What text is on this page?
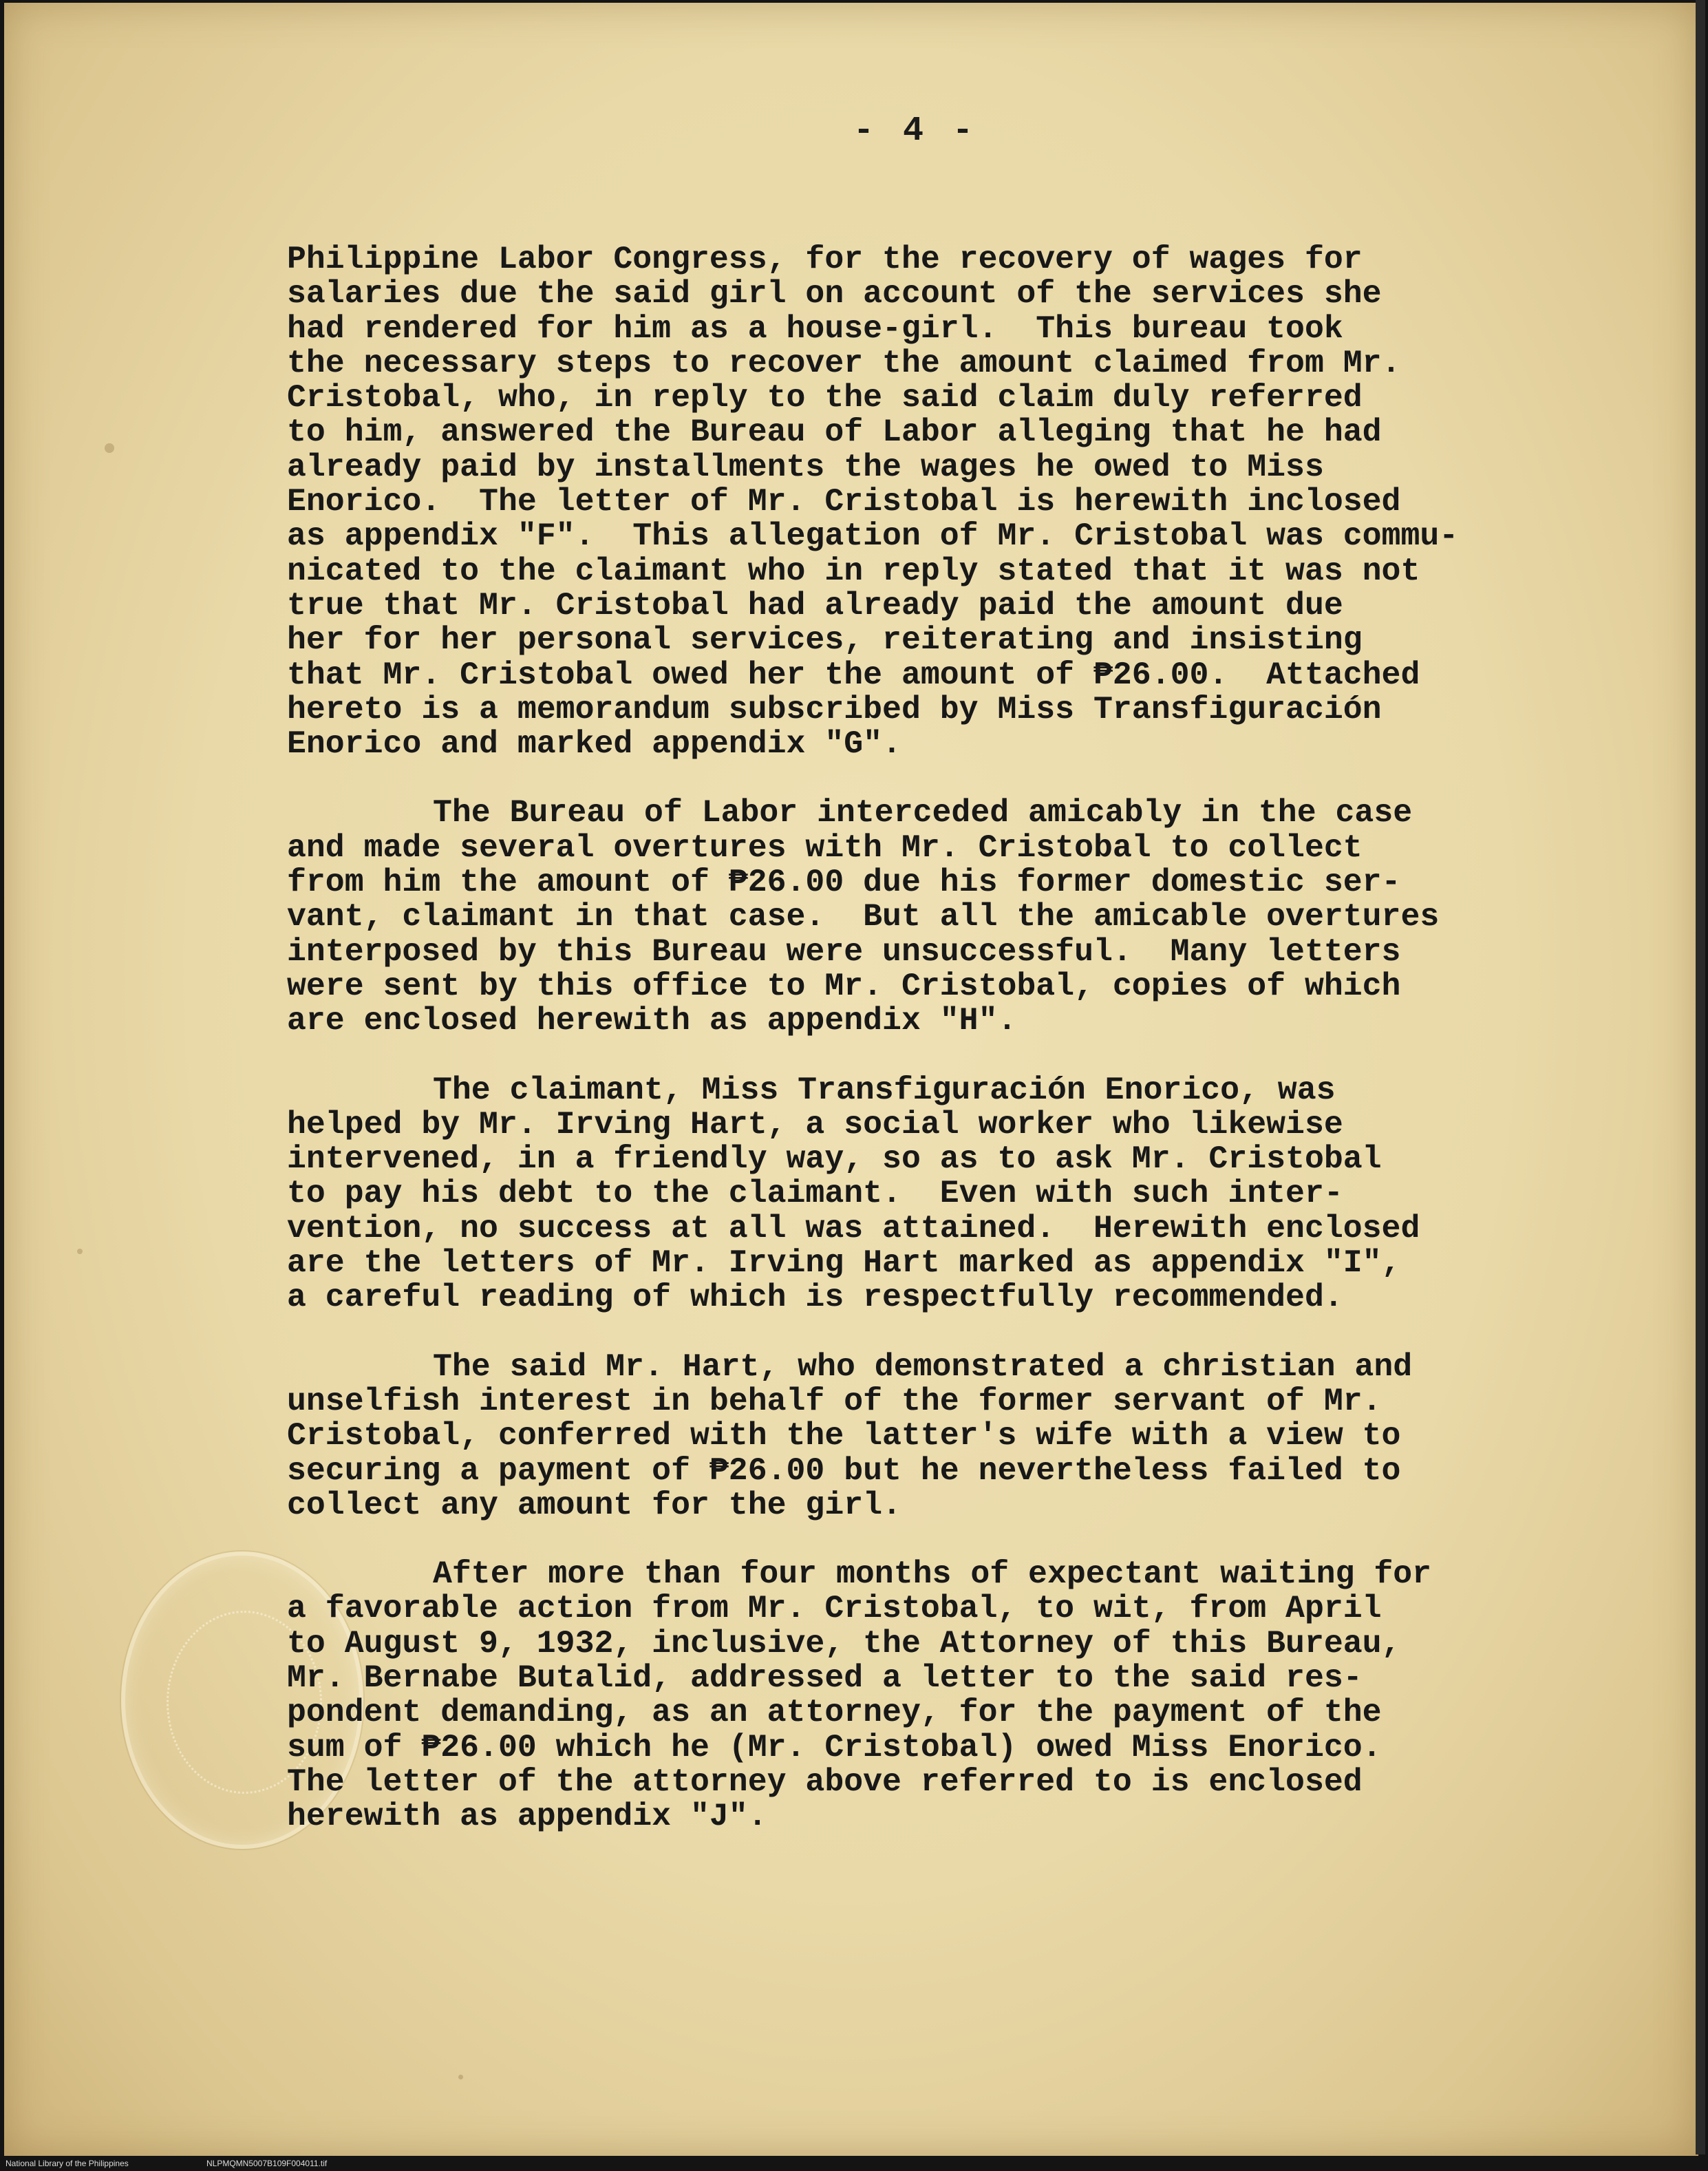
- 4 -
Philippine Labor Congress, for the recovery of wages for
salaries due the said girl on account of the services she
had rendered for him as a house-girl.  This bureau took
the necessary steps to recover the amount claimed from Mr.
Cristobal, who, in reply to the said claim duly referred
to him, answered the Bureau of Labor alleging that he had
already paid by installments the wages he owed to Miss
Enorico.  The letter of Mr. Cristobal is herewith inclosed
as appendix "F".  This allegation of Mr. Cristobal was commu-
nicated to the claimant who in reply stated that it was not
true that Mr. Cristobal had already paid the amount due
her for her personal services, reiterating and insisting
that Mr. Cristobal owed her the amount of ₱26.00.  Attached
hereto is a memorandum subscribed by Miss Transfiguración
Enorico and marked appendix "G".
The Bureau of Labor interceded amicably in the case
and made several overtures with Mr. Cristobal to collect
from him the amount of ₱26.00 due his former domestic ser-
vant, claimant in that case.  But all the amicable overtures
interposed by this Bureau were unsuccessful.  Many letters
were sent by this office to Mr. Cristobal, copies of which
are enclosed herewith as appendix "H".
The claimant, Miss Transfiguración Enorico, was
helped by Mr. Irving Hart, a social worker who likewise
intervened, in a friendly way, so as to ask Mr. Cristobal
to pay his debt to the claimant.  Even with such inter-
vention, no success at all was attained.  Herewith enclosed
are the letters of Mr. Irving Hart marked as appendix "I",
a careful reading of which is respectfully recommended.
The said Mr. Hart, who demonstrated a christian and
unselfish interest in behalf of the former servant of Mr.
Cristobal, conferred with the latter's wife with a view to
securing a payment of ₱26.00 but he nevertheless failed to
collect any amount for the girl.
After more than four months of expectant waiting for
a favorable action from Mr. Cristobal, to wit, from April
to August 9, 1932, inclusive, the Attorney of this Bureau,
Mr. Bernabe Butalid, addressed a letter to the said res-
pondent demanding, as an attorney, for the payment of the
sum of ₱26.00 which he (Mr. Cristobal) owed Miss Enorico.
The letter of the attorney above referred to is enclosed
herewith as appendix "J".
National Library of the Philippines	NLPMQMN5007B109F004011.tif
